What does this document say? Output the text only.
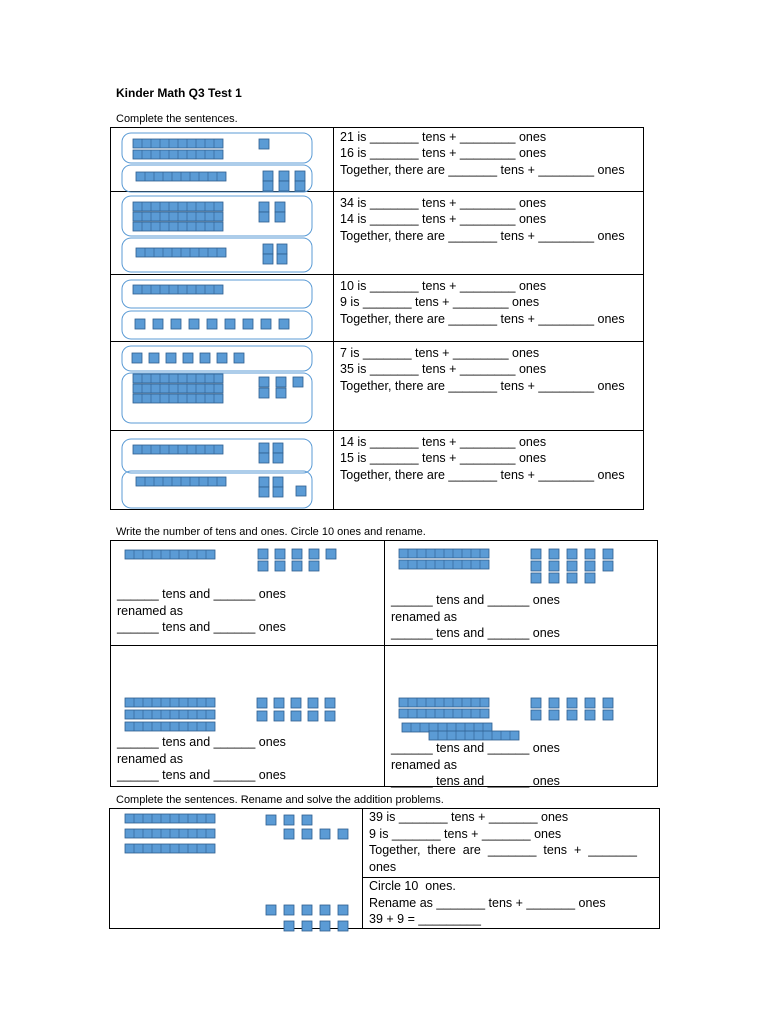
Kinder Math Q3 Test 1
Complete the sentences.

21 is _______ tens + ________ ones
16 is _______ tens + ________ ones
Together, there are _______ tens + ________ ones

34 is _______ tens + ________ ones
14 is _______ tens + ________ ones
Together, there are _______ tens + ________ ones

10 is _______ tens + ________ ones
9 is _______ tens + ________ ones
Together, there are _______ tens + ________ ones

7 is _______ tens + ________ ones
35 is _______ tens + ________ ones
Together, there are _______ tens + ________ ones

14 is _______ tens + ________ ones
15 is _______ tens + ________ ones
Together, there are _______ tens + ________ ones
Write the number of tens and ones. Circle 10 ones and rename.
______ tens and ______ ones
renamed as
______ tens and ______ ones
______ tens and ______ ones
renamed as
______ tens and ______ ones
______ tens and ______ ones
renamed as
______ tens and ______ ones
______ tens and ______ ones
renamed as
______ tens and ______ ones
Complete the sentences. Rename and solve the addition problems.
39 is _______ tens + _______ ones
9 is _______ tens + _______ ones
Together,  there  are  _______  tens  +  _______
ones
Circle 10  ones.
Rename as _______ tens + _______ ones
39 + 9 = _________
